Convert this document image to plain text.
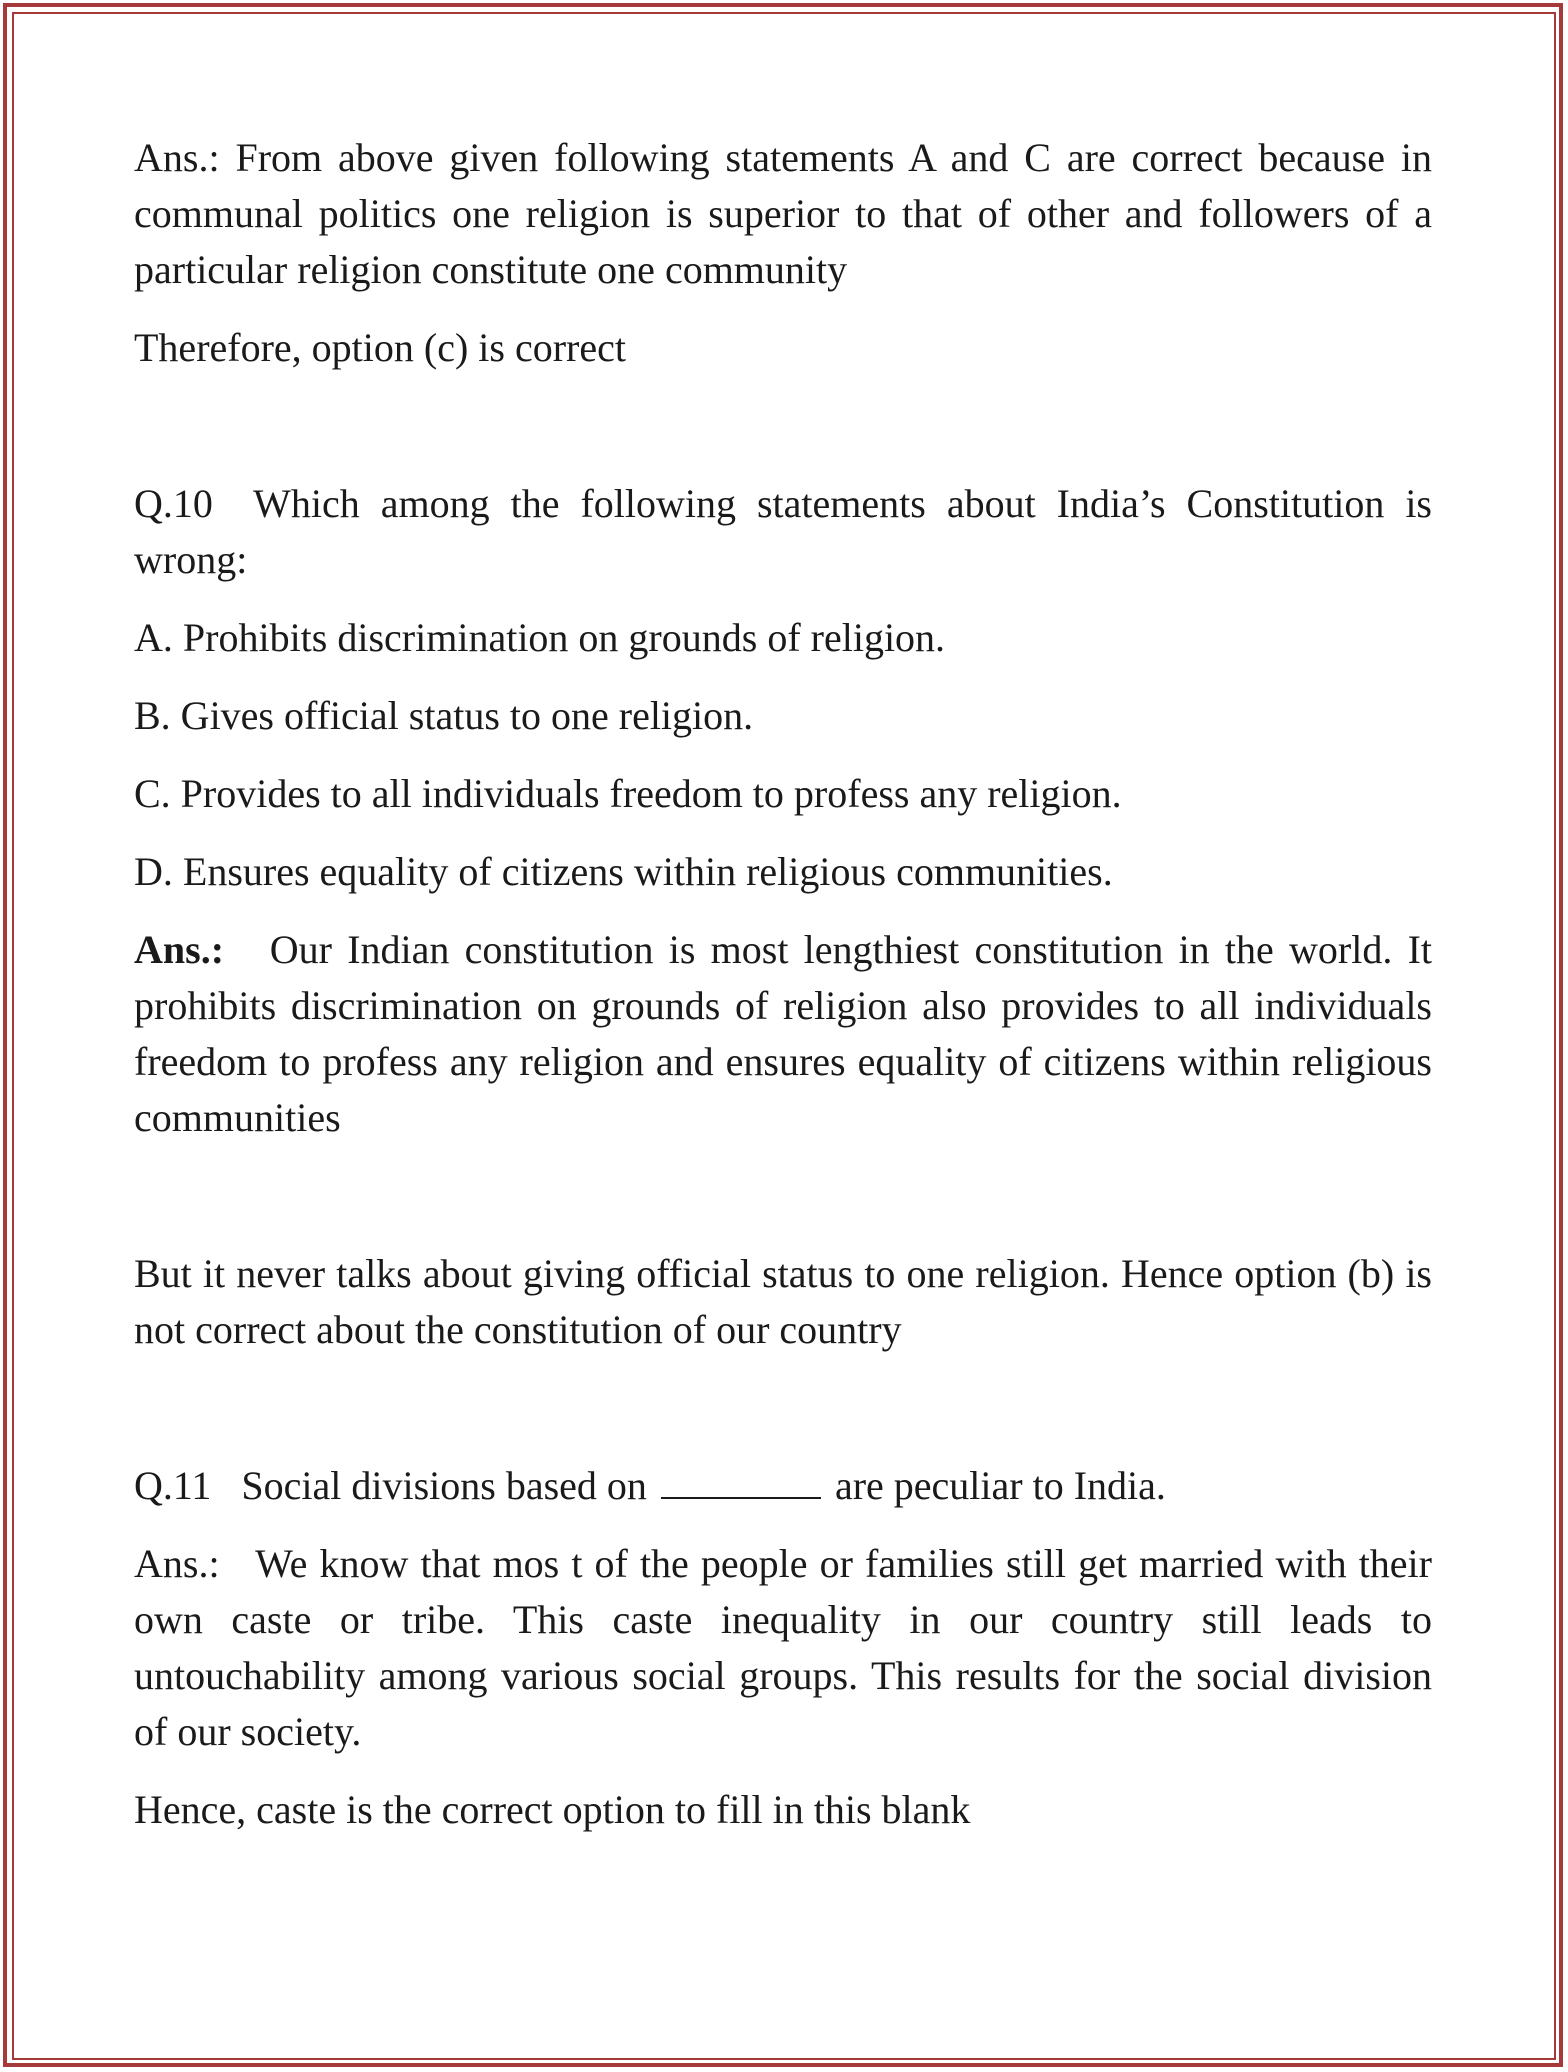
Ans.: From above given following statements A and C are correct because in communal politics one religion is superior to that of other and followers of a particular religion constitute one community

Therefore, option (c) is correct

Q.10 Which among the following statements about India’s Constitution is wrong:

A. Prohibits discrimination on grounds of religion.

B. Gives official status to one religion.

C. Provides to all individuals freedom to profess any religion.

D. Ensures equality of citizens within religious communities.

Ans.: Our Indian constitution is most lengthiest constitution in the world. It prohibits discrimination on grounds of religion also provides to all individuals freedom to profess any religion and ensures equality of citizens within religious communities

But it never talks about giving official status to one religion. Hence option (b) is not correct about the constitution of our country

Q.11 Social divisions based on	are peculiar to India.

Ans.: We know that mos t of the people or families still get married with their own caste or tribe. This caste inequality in our country still leads to untouchability among various social groups. This results for the social division of our society.

Hence, caste is the correct option to fill in this blank
